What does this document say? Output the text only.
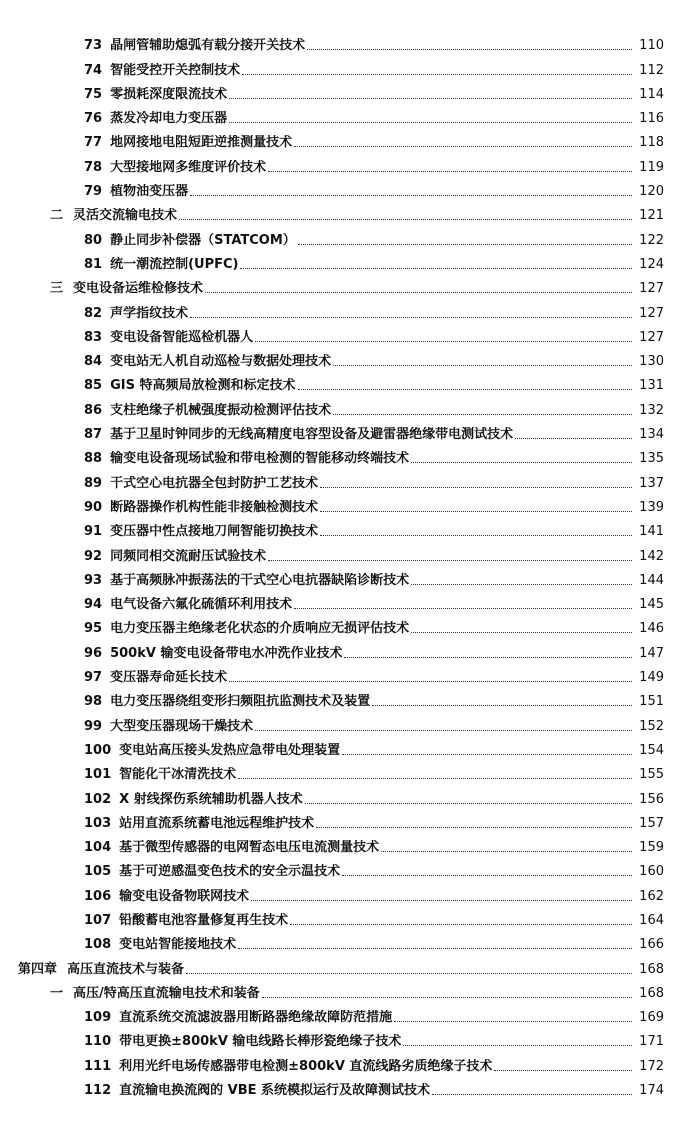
73 晶闸管辅助熄弧有载分接开关技术	110
74 智能受控开关控制技术	112
75 零损耗深度限流技术	114
76 蒸发冷却电力变压器	116
77 地网接地电阻短距逆推测量技术	118
78 大型接地网多维度评价技术	119
79 植物油变压器	120
二 灵活交流输电技术	121
80 静止同步补偿器（STATCOM）	122
81 统一潮流控制(UPFC)	124
三 变电设备运维检修技术	127
82 声学指纹技术	127
83 变电设备智能巡检机器人	127
84 变电站无人机自动巡检与数据处理技术	130
85 GIS 特高频局放检测和标定技术	131
86 支柱绝缘子机械强度振动检测评估技术	132
87 基于卫星时钟同步的无线高精度电容型设备及避雷器绝缘带电测试技术	134
88 输变电设备现场试验和带电检测的智能移动终端技术	135
89 干式空心电抗器全包封防护工艺技术	137
90 断路器操作机构性能非接触检测技术	139
91 变压器中性点接地刀闸智能切换技术	141
92 同频同相交流耐压试验技术	142
93 基于高频脉冲振荡法的干式空心电抗器缺陷诊断技术	144
94 电气设备六氟化硫循环利用技术	145
95 电力变压器主绝缘老化状态的介质响应无损评估技术	146
96 500kV 输变电设备带电水冲洗作业技术	147
97 变压器寿命延长技术	149
98 电力变压器绕组变形扫频阻抗监测技术及装置	151
99 大型变压器现场干燥技术	152
100 变电站高压接头发热应急带电处理装置	154
101 智能化干冰清洗技术	155
102 X 射线探伤系统辅助机器人技术	156
103 站用直流系统蓄电池远程维护技术	157
104 基于微型传感器的电网暂态电压电流测量技术	159
105 基于可逆感温变色技术的安全示温技术	160
106 输变电设备物联网技术	162
107 铅酸蓄电池容量修复再生技术	164
108 变电站智能接地技术	166
第四章 高压直流技术与装备	168
一 高压/特高压直流输电技术和装备	168
109 直流系统交流滤波器用断路器绝缘故障防范措施	169
110 带电更换±800kV 输电线路长棒形瓷绝缘子技术	171
111 利用光纤电场传感器带电检测±800kV 直流线路劣质绝缘子技术	172
112 直流输电换流阀的 VBE 系统模拟运行及故障测试技术	174
